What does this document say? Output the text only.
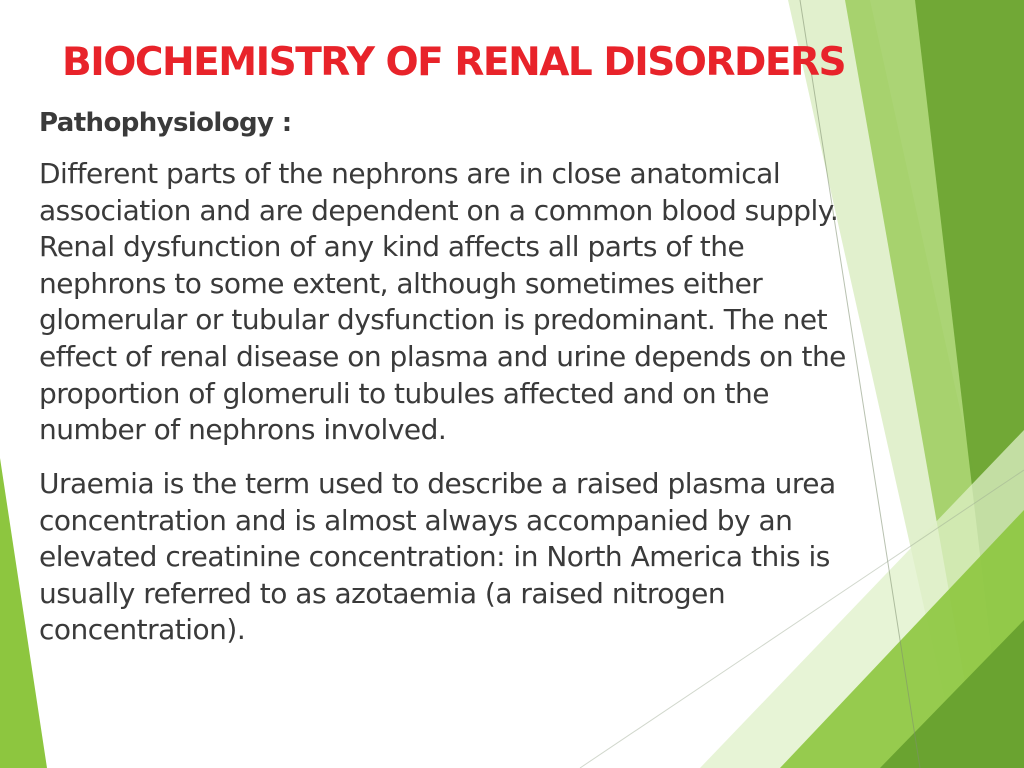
BIOCHEMISTRY OF RENAL DISORDERS
Pathophysiology :
Different parts of the nephrons are in close anatomical
association and are dependent on a common blood supply.
Renal dysfunction of any kind affects all parts of the
nephrons to some extent, although sometimes either
glomerular or tubular dysfunction is predominant. The net
effect of renal disease on plasma and urine depends on the
proportion of glomeruli to tubules affected and on the
number of nephrons involved.
Uraemia is the term used to describe a raised plasma urea
concentration and is almost always accompanied by an
elevated creatinine concentration: in North America this is
usually referred to as azotaemia (a raised nitrogen
concentration).
